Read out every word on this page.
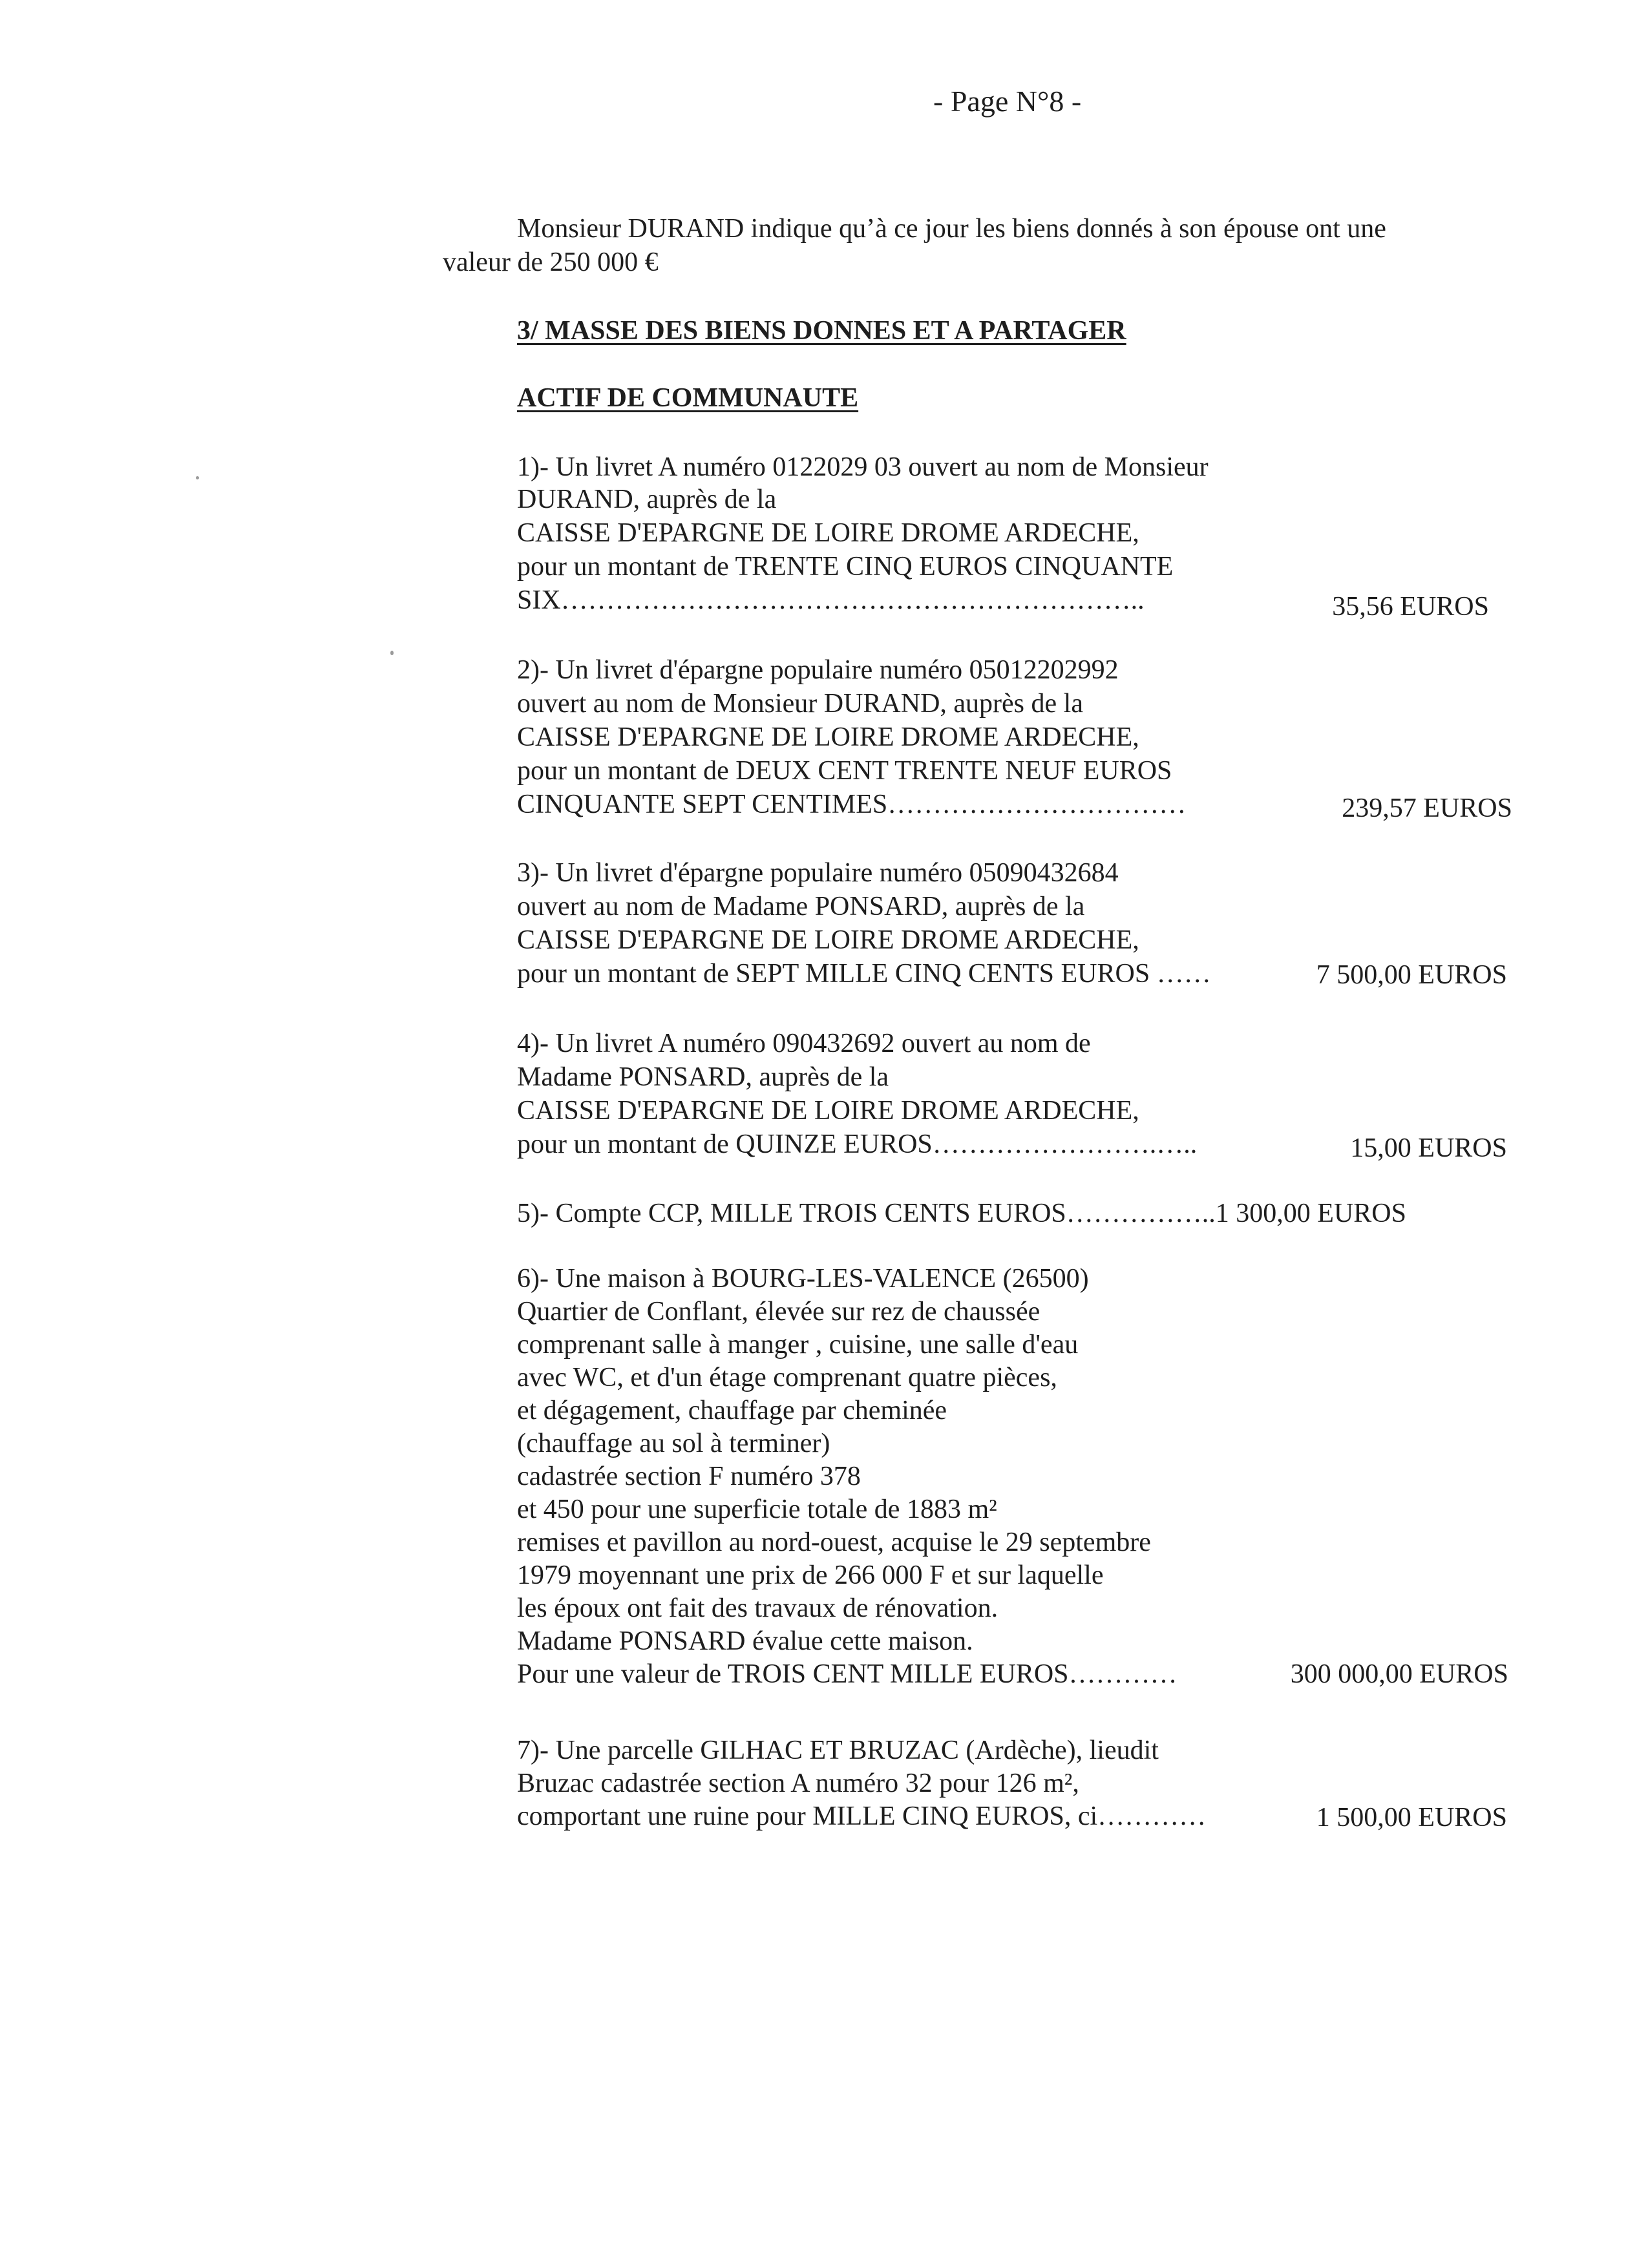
- Page N°8 -
Monsieur DURAND indique qu’à ce jour les biens donnés à son épouse ont une
valeur de 250 000 €
3/ MASSE DES BIENS DONNES ET A PARTAGER
ACTIF DE COMMUNAUTE
1)- Un livret A numéro 0122029 03 ouvert au nom de Monsieur
DURAND, auprès de la
CAISSE D'EPARGNE DE LOIRE DROME ARDECHE,
pour un montant de TRENTE CINQ EUROS CINQUANTE
SIX………………………………………………………..	35,56 EUROS
2)- Un livret d'épargne populaire numéro 05012202992
ouvert au nom de Monsieur DURAND, auprès de la
CAISSE D'EPARGNE DE LOIRE DROME ARDECHE,
pour un montant de DEUX CENT TRENTE NEUF EUROS
CINQUANTE SEPT CENTIMES……………………………	239,57 EUROS
3)- Un livret d'épargne populaire numéro 05090432684
ouvert au nom de Madame PONSARD, auprès de la
CAISSE D'EPARGNE DE LOIRE DROME ARDECHE,
pour un montant de SEPT MILLE CINQ CENTS EUROS ……	7 500,00 EUROS
4)- Un livret A numéro 090432692 ouvert au nom de
Madame PONSARD, auprès de la
CAISSE D'EPARGNE DE LOIRE DROME ARDECHE,
pour un montant de QUINZE EUROS…………………….…..	15,00 EUROS
5)- Compte CCP, MILLE TROIS CENTS EUROS……………..1 300,00 EUROS
6)- Une maison à BOURG-LES-VALENCE (26500)
Quartier de Conflant, élevée sur rez de chaussée
comprenant salle à manger , cuisine, une salle d'eau
avec WC, et d'un étage comprenant quatre pièces,
et dégagement, chauffage par cheminée
(chauffage au sol à terminer)
cadastrée section F numéro 378
et 450 pour une superficie totale de 1883 m²
remises et pavillon au nord-ouest, acquise le 29 septembre
1979 moyennant une prix de 266 000 F et sur laquelle
les époux ont fait des travaux de rénovation.
Madame PONSARD évalue cette maison.
Pour une valeur de TROIS CENT MILLE EUROS…………	300 000,00 EUROS
7)- Une parcelle GILHAC ET BRUZAC (Ardèche), lieudit
Bruzac cadastrée section A numéro 32 pour 126 m²,
comportant une ruine pour MILLE CINQ EUROS, ci…………	1 500,00 EUROS
